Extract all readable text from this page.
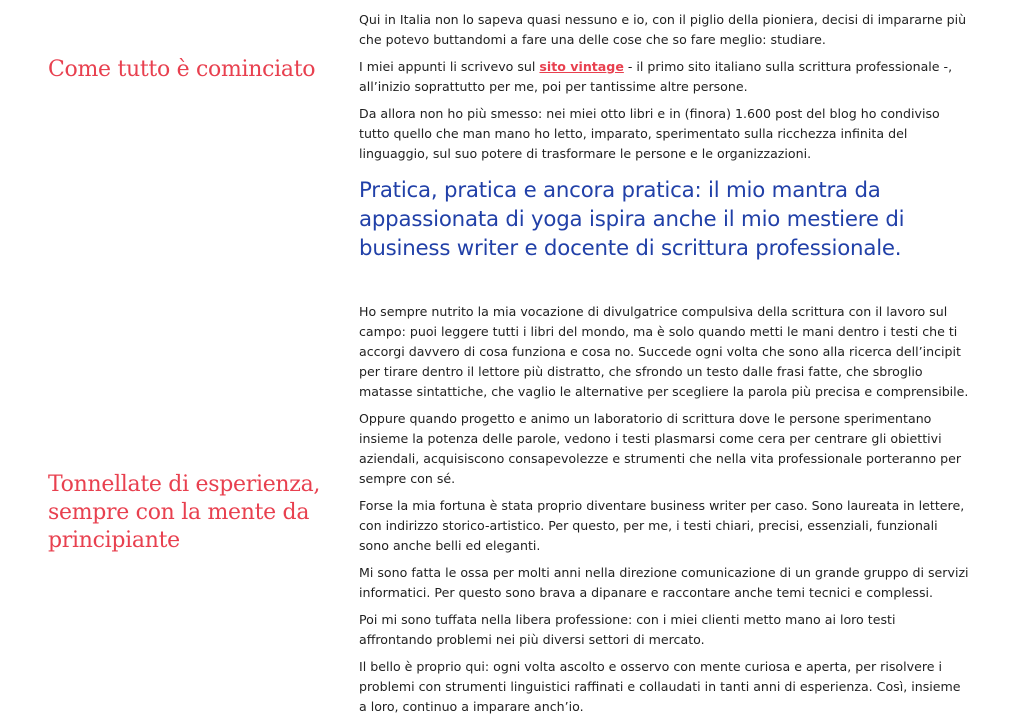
Come tutto è cominciato

Qui in Italia non lo sapeva quasi nessuno e io, con il piglio della pioniera, decisi di impararne più che potevo buttandomi a fare una delle cose che so fare meglio: studiare.

I miei appunti li scrivevo sul sito vintage - il primo sito italiano sulla scrittura professionale -, all’inizio soprattutto per me, poi per tantissime altre persone.

Da allora non ho più smesso: nei miei otto libri e in (finora) 1.600 post del blog ho condiviso tutto quello che man mano ho letto, imparato, sperimentato sulla ricchezza infinita del linguaggio, sul suo potere di trasformare le persone e le organizzazioni.

Pratica, pratica e ancora pratica: il mio mantra da appassionata di yoga ispira anche il mio mestiere di business writer e docente di scrittura professionale.

Ho sempre nutrito la mia vocazione di divulgatrice compulsiva della scrittura con il lavoro sul campo: puoi leggere tutti i libri del mondo, ma è solo quando metti le mani dentro i testi che ti accorgi davvero di cosa funziona e cosa no. Succede ogni volta che sono alla ricerca dell’incipit per tirare dentro il lettore più distratto, che sfrondo un testo dalle frasi fatte, che sbroglio matasse sintattiche, che vaglio le alternative per scegliere la parola più precisa e comprensibile.

Oppure quando progetto e animo un laboratorio di scrittura dove le persone sperimentano insieme la potenza delle parole, vedono i testi plasmarsi come cera per centrare gli obiettivi aziendali, acquisiscono consapevolezze e strumenti che nella vita professionale porteranno per sempre con sé.

Forse la mia fortuna è stata proprio diventare business writer per caso. Sono laureata in lettere, con indirizzo storico-artistico. Per questo, per me, i testi chiari, precisi, essenziali, funzionali sono anche belli ed eleganti.

Mi sono fatta le ossa per molti anni nella direzione comunicazione di un grande gruppo di servizi informatici. Per questo sono brava a dipanare e raccontare anche temi tecnici e complessi.

Poi mi sono tuffata nella libera professione: con i miei clienti metto mano ai loro testi affrontando problemi nei più diversi settori di mercato.

Il bello è proprio qui: ogni volta ascolto e osservo con mente curiosa e aperta, per risolvere i problemi con strumenti linguistici raffinati e collaudati in tanti anni di esperienza. Così, insieme a loro, continuo a imparare anch’io.

Tonnellate di esperienza, sempre con la mente da principiante
